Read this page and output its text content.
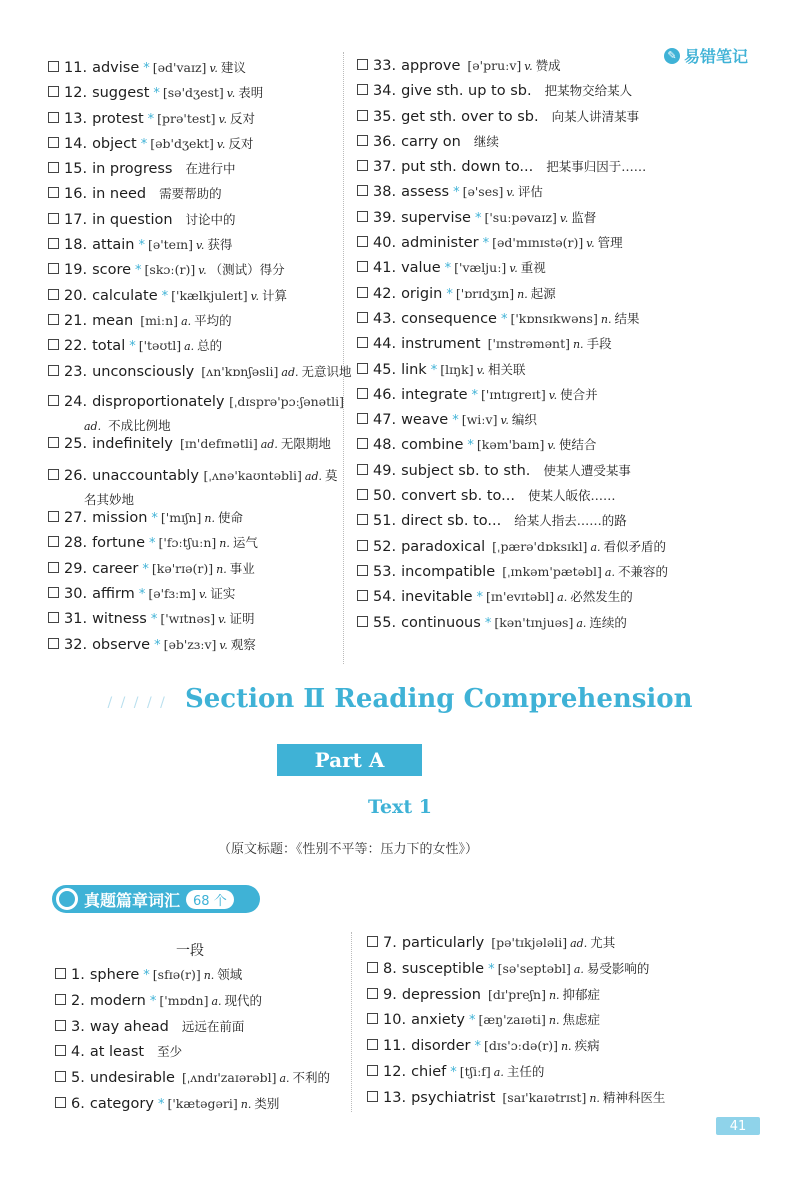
✎ 易错笔记
11. advise * [əd'vaɪz] v. 建议
12. suggest * [sə'dʒest] v. 表明
13. protest * [prə'test] v. 反对
14. object * [əb'dʒekt] v. 反对
15. in progress 在进行中
16. in need 需要帮助的
17. in question 讨论中的
18. attain * [ə'teɪn] v. 获得
19. score * [skɔː(r)] v. （测试）得分
20. calculate * ['kælkjuleɪt] v. 计算
21. mean [miːn] a. 平均的
22. total * ['təʊtl] a. 总的
23. unconsciously [ʌn'kɒnʃəsli] ad. 无意识地
24. disproportionately
[ˌdɪsprə'pɔːʃənətli]
ad. 不成比例地
25. indefinitely [ɪn'defɪnətli] ad. 无限期地
26. unaccountably
[ˌʌnə'kaʊntəbli] ad. 莫
名其妙地
27. mission * ['mɪʃn] n. 使命
28. fortune * ['fɔːtʃuːn] n. 运气
29. career * [kə'rɪə(r)] n. 事业
30. affirm * [ə'fɜːm] v. 证实
31. witness * ['wɪtnəs] v. 证明
32. observe * [əb'zɜːv] v. 观察
33. approve [ə'pruːv] v. 赞成
34. give sth. up to sb. 把某物交给某人
35. get sth. over to sb. 向某人讲清某事
36. carry on 继续
37. put sth. down to... 把某事归因于……
38. assess * [ə'ses] v. 评估
39. supervise * ['suːpəvaɪz] v. 监督
40. administer * [əd'mɪnɪstə(r)] v. 管理
41. value * ['væljuː] v. 重视
42. origin * ['ɒrɪdʒɪn] n. 起源
43. consequence * ['kɒnsɪkwəns] n. 结果
44. instrument ['ɪnstrəmənt] n. 手段
45. link * [lɪŋk] v. 相关联
46. integrate * ['ɪntɪgreɪt] v. 使合并
47. weave * [wiːv] v. 编织
48. combine * [kəm'baɪn] v. 使结合
49. subject sb. to sth. 使某人遭受某事
50. convert sb. to... 使某人皈依……
51. direct sb. to... 给某人指去……的路
52. paradoxical [ˌpærə'dɒksɪkl] a. 看似矛盾的
53. incompatible [ˌɪnkəm'pætəbl] a. 不兼容的
54. inevitable * [ɪn'evɪtəbl] a. 必然发生的
55. continuous * [kən'tɪnjuəs] a. 连续的
/ / / / / Section Ⅱ Reading Comprehension
Part A
Text 1
（原文标题：《性别不平等：压力下的女性》）
真题篇章词汇	68 个
一段
1. sphere * [sfɪə(r)] n. 领域
2. modern * ['mɒdn] a. 现代的
3. way ahead 远远在前面
4. at least 至少
5. undesirable [ˌʌndɪ'zaɪərəbl] a. 不利的
6. category * ['kætəgəri] n. 类别
7. particularly [pə'tɪkjələli] ad. 尤其
8. susceptible * [sə'septəbl] a. 易受影响的
9. depression [dɪ'preʃn] n. 抑郁症
10. anxiety * [æŋ'zaɪəti] n. 焦虑症
11. disorder * [dɪs'ɔːdə(r)] n. 疾病
12. chief * [tʃiːf] a. 主任的
13. psychiatrist [saɪ'kaɪətrɪst] n. 精神科医生
41
